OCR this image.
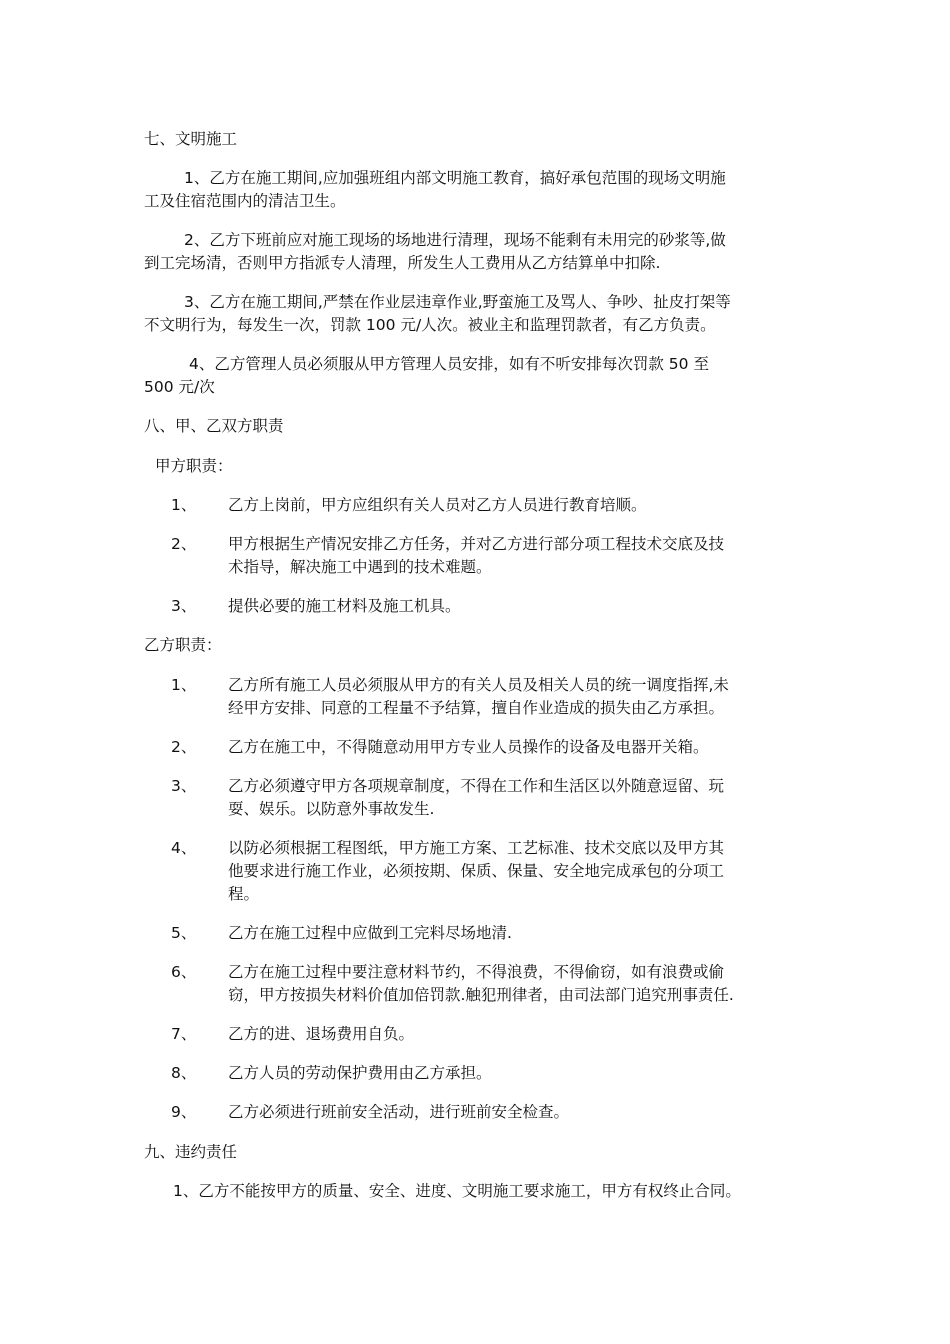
七、文明施工
1、乙方在施工期间,应加强班组内部文明施工教育，搞好承包范围的现场文明施
工及住宿范围内的清洁卫生。
2、乙方下班前应对施工现场的场地进行清理，现场不能剩有未用完的砂浆等,做
到工完场清，否则甲方指派专人清理，所发生人工费用从乙方结算单中扣除.
3、乙方在施工期间,严禁在作业层违章作业,野蛮施工及骂人、争吵、扯皮打架等
不文明行为，每发生一次，罚款 100 元/人次。被业主和监理罚款者，有乙方负责。
4、乙方管理人员必须服从甲方管理人员安排，如有不听安排每次罚款 50 至
500 元/次
八、甲、乙双方职责
甲方职责：
1、 乙方上岗前，甲方应组织有关人员对乙方人员进行教育培顺。
2、 甲方根据生产情况安排乙方任务，并对乙方进行部分项工程技术交底及技
术指导，解决施工中遇到的技术难题。
3、 提供必要的施工材料及施工机具。
乙方职责：
1、 乙方所有施工人员必须服从甲方的有关人员及相关人员的统一调度指挥,未
经甲方安排、同意的工程量不予结算，擅自作业造成的损失由乙方承担。
2、 乙方在施工中，不得随意动用甲方专业人员操作的设备及电器开关箱。
3、 乙方必须遵守甲方各项规章制度，不得在工作和生活区以外随意逗留、玩
耍、娱乐。以防意外事故发生.
4、 以防必须根据工程图纸，甲方施工方案、工艺标准、技术交底以及甲方其
他要求进行施工作业，必须按期、保质、保量、安全地完成承包的分项工
程。
5、 乙方在施工过程中应做到工完料尽场地清.
6、 乙方在施工过程中要注意材料节约，不得浪费，不得偷窃，如有浪费或偷
窃，甲方按损失材料价值加倍罚款.触犯刑律者，由司法部门追究刑事责任.
7、 乙方的进、退场费用自负。
8、 乙方人员的劳动保护费用由乙方承担。
9、 乙方必须进行班前安全活动，进行班前安全检查。
九、违约责任
1、乙方不能按甲方的质量、安全、进度、文明施工要求施工，甲方有权终止合同。
